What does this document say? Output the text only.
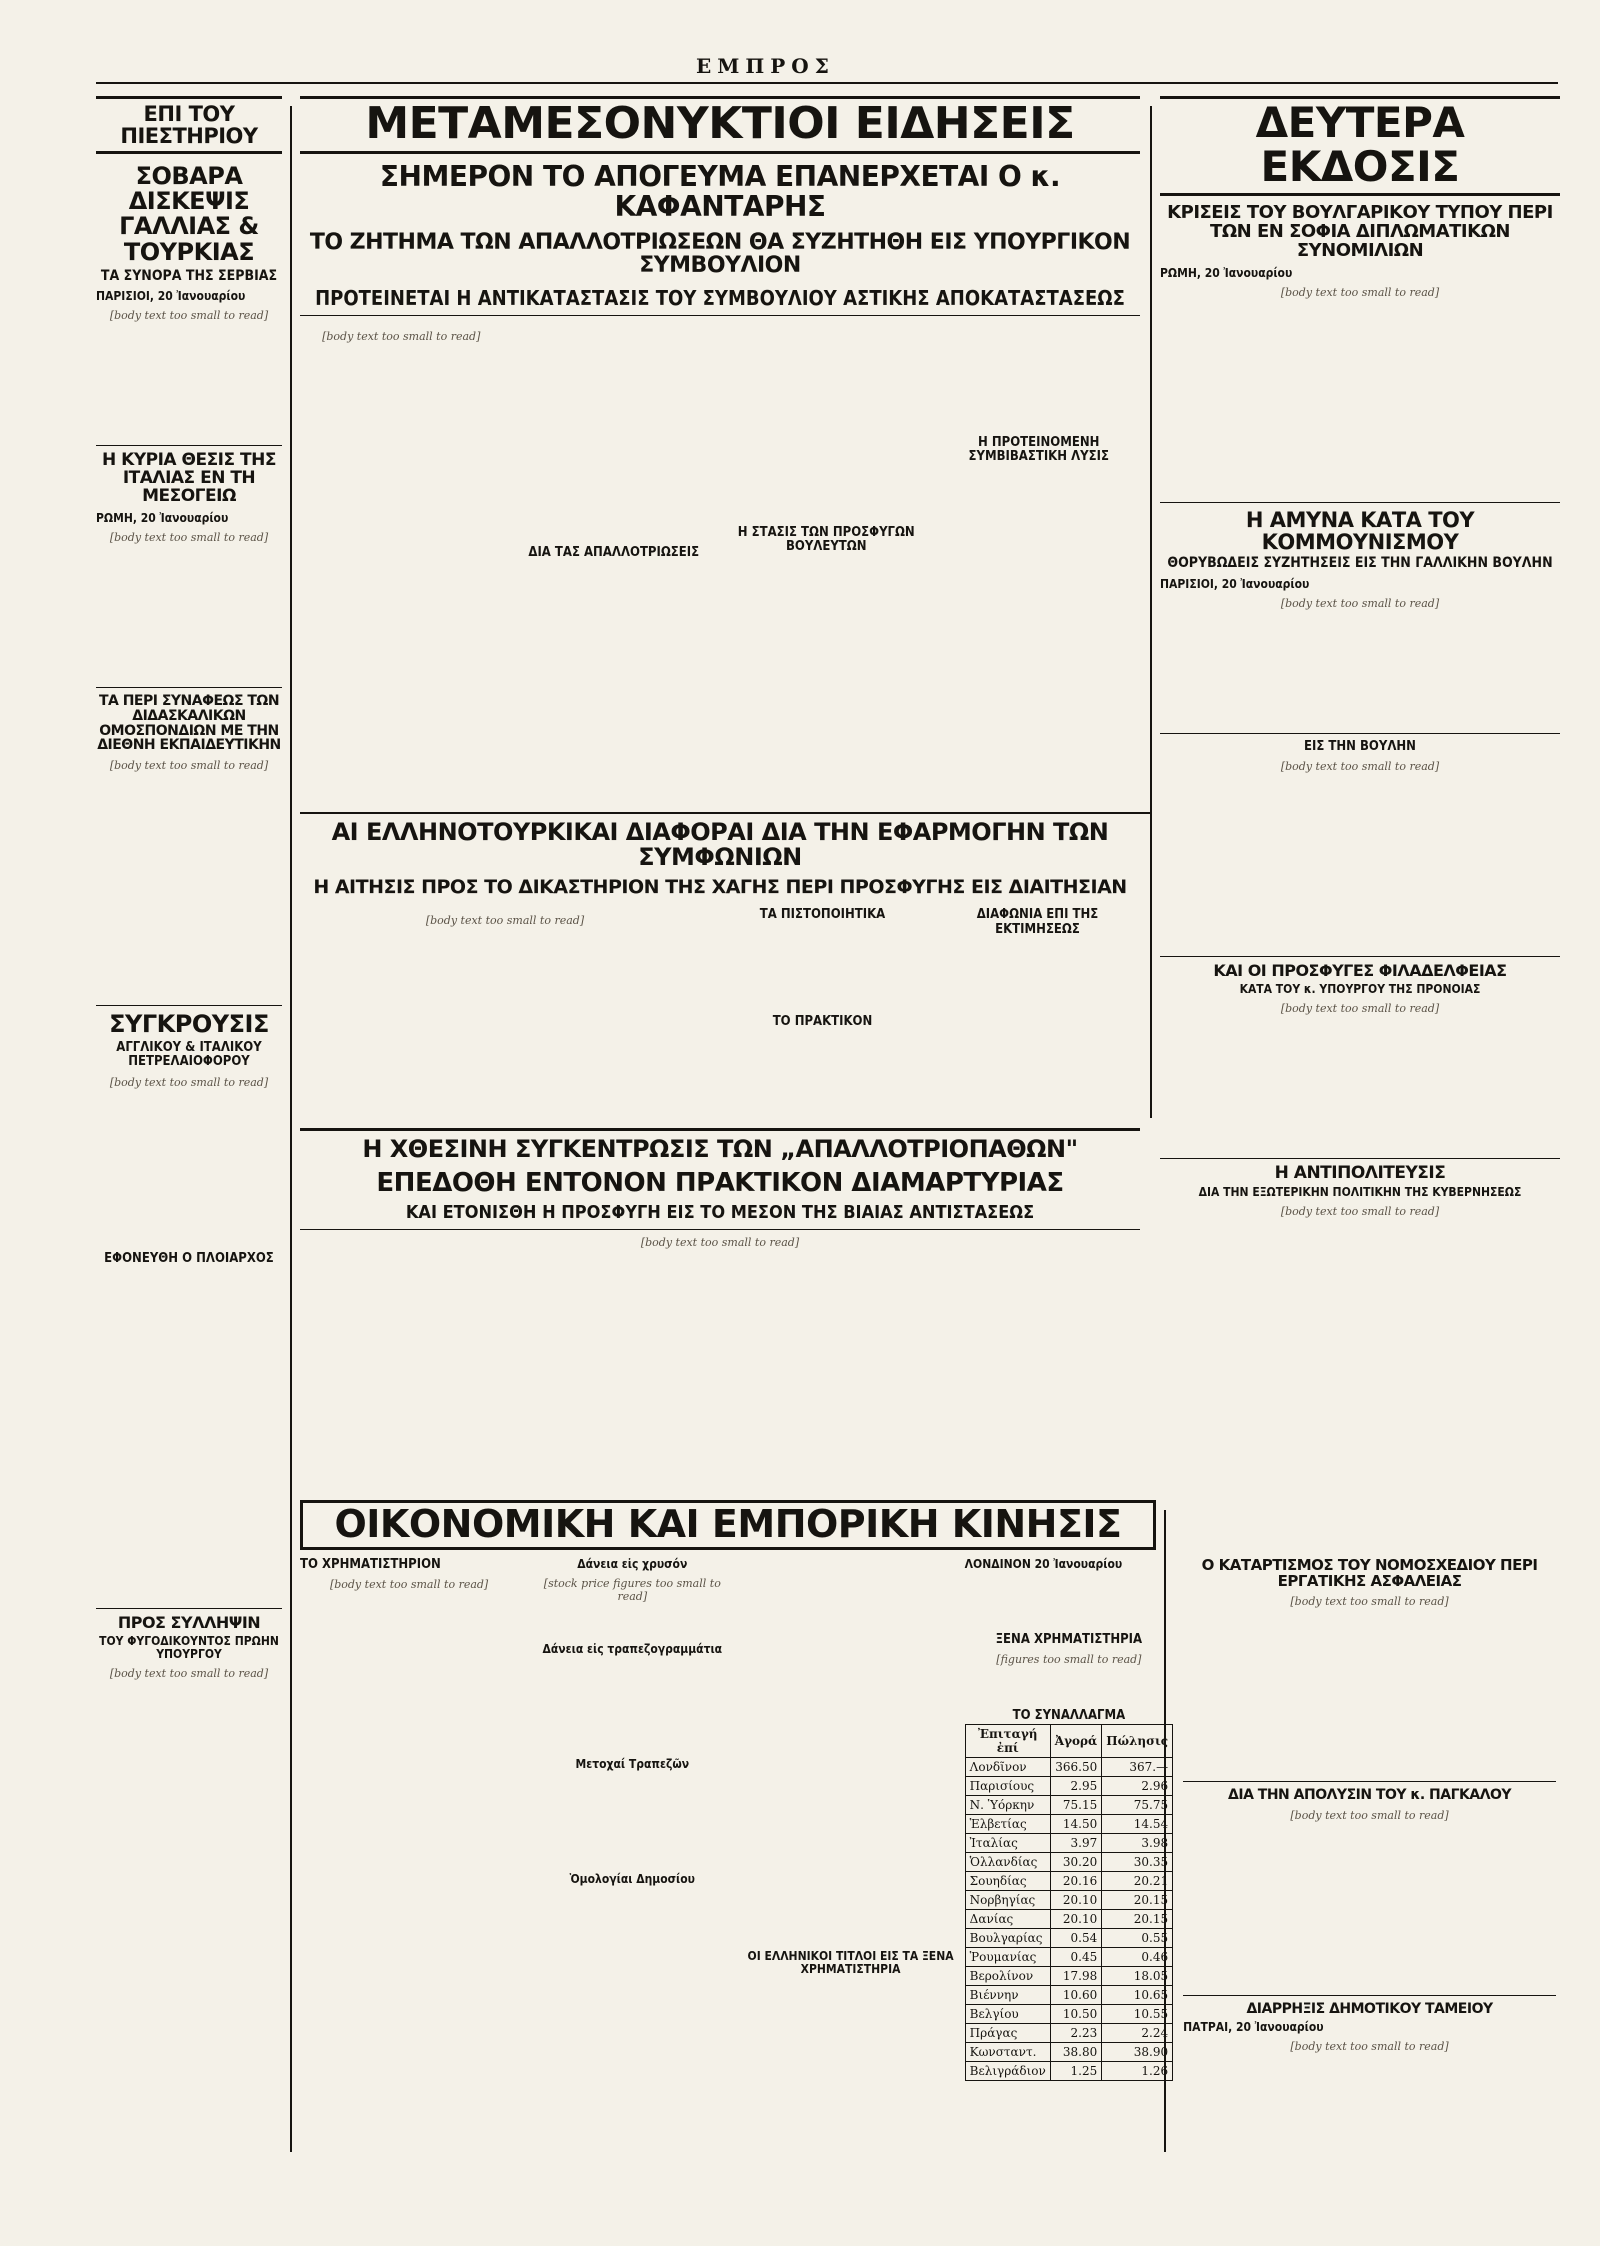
ΕΜΠΡΟΣ
ΕΠΙ ΤΟΥ ΠΙΕΣΤΗΡΙΟΥ
ΣΟΒΑΡΑ ΔΙΣΚΕΨΙΣ ΓΑΛΛΙΑΣ & ΤΟΥΡΚΙΑΣ
ΤΑ ΣΥΝΟΡΑ ΤΗΣ ΣΕΡΒΙΑΣ
ΠΑΡΙΣΙΟΙ, 20 Ἰανουαρίου
[body text too small to read]
Η ΚΥΡΙΑ ΘΕΣΙΣ ΤΗΣ ΙΤΑΛΙΑΣ ΕΝ ΤΗ ΜΕΣΟΓΕΙΩ
ΡΩΜΗ, 20 Ἰανουαρίου
[body text too small to read]
ΤΑ ΠΕΡΙ ΣΥΝΑΦΕΩΣ ΤΩΝ ΔΙΔΑΣΚΑΛΙΚΩΝ ΟΜΟΣΠΟΝΔΙΩΝ ΜΕ ΤΗΝ ΔΙΕΘΝΗ ΕΚΠΑΙΔΕΥΤΙΚΗΝ
[body text too small to read]
ΣΥΓΚΡΟΥΣΙΣ
ΑΓΓΛΙΚΟΥ & ΙΤΑΛΙΚΟΥ ΠΕΤΡΕΛΑΙΟΦΟΡΟΥ
[body text too small to read]
ΕΦΟΝΕΥΘΗ Ο ΠΛΟΙΑΡΧΟΣ
ΠΡΟΣ ΣΥΛΛΗΨΙΝ
ΤΟΥ ΦΥΓΟΔΙΚΟΥΝΤΟΣ ΠΡΩΗΝ ΥΠΟΥΡΓΟΥ
[body text too small to read]
ΜΕΤΑΜΕΣΟΝΥΚΤΙΟΙ ΕΙΔΗΣΕΙΣ
ΣΗΜΕΡΟΝ ΤΟ ΑΠΟΓΕΥΜΑ ΕΠΑΝΕΡΧΕΤΑΙ Ο κ. ΚΑΦΑΝΤΑΡΗΣ
ΤΟ ΖΗΤΗΜΑ ΤΩΝ ΑΠΑΛΛΟΤΡΙΩΣΕΩΝ ΘΑ ΣΥΖΗΤΗΘΗ ΕΙΣ ΥΠΟΥΡΓΙΚΟΝ ΣΥΜΒΟΥΛΙΟΝ
ΠΡΟΤΕΙΝΕΤΑΙ Η ΑΝΤΙΚΑΤΑΣΤΑΣΙΣ ΤΟΥ ΣΥΜΒΟΥΛΙΟΥ ΑΣΤΙΚΗΣ ΑΠΟΚΑΤΑΣΤΑΣΕΩΣ
[body text too small to read]
ΔΙΑ ΤΑΣ ΑΠΑΛΛΟΤΡΙΩΣΕΙΣ
Η ΣΤΑΣΙΣ ΤΩΝ ΠΡΟΣΦΥΓΩΝ ΒΟΥΛΕΥΤΩΝ
Η ΠΡΟΤΕΙΝΟΜΕΝΗ ΣΥΜΒΙΒΑΣΤΙΚΗ ΛΥΣΙΣ
ΔΕΥΤΕΡΑ ΕΚΔΟΣΙΣ
ΚΡΙΣΕΙΣ ΤΟΥ ΒΟΥΛΓΑΡΙΚΟΥ ΤΥΠΟΥ ΠΕΡΙ ΤΩΝ ΕΝ ΣΟΦΙΑ ΔΙΠΛΩΜΑΤΙΚΩΝ ΣΥΝΟΜΙΛΙΩΝ
ΡΩΜΗ, 20 Ἰανουαρίου
[body text too small to read]
Η ΑΜΥΝΑ ΚΑΤΑ ΤΟΥ ΚΟΜΜΟΥΝΙΣΜΟΥ
ΘΟΡΥΒΩΔΕΙΣ ΣΥΖΗΤΗΣΕΙΣ ΕΙΣ ΤΗΝ ΓΑΛΛΙΚΗΝ ΒΟΥΛΗΝ
ΠΑΡΙΣΙΟΙ, 20 Ἰανουαρίου
[body text too small to read]
ΕΙΣ ΤΗΝ ΒΟΥΛΗΝ
[body text too small to read]
ΚΑΙ ΟΙ ΠΡΟΣΦΥΓΕΣ ΦΙΛΑΔΕΛΦΕΙΑΣ
ΚΑΤΑ ΤΟΥ κ. ΥΠΟΥΡΓΟΥ ΤΗΣ ΠΡΟΝΟΙΑΣ
[body text too small to read]
Η ΑΝΤΙΠΟΛΙΤΕΥΣΙΣ
ΔΙΑ ΤΗΝ ΕΞΩΤΕΡΙΚΗΝ ΠΟΛΙΤΙΚΗΝ ΤΗΣ ΚΥΒΕΡΝΗΣΕΩΣ
[body text too small to read]
ΑΙ ΕΛΛΗΝΟΤΟΥΡΚΙΚΑΙ ΔΙΑΦΟΡΑΙ ΔΙΑ ΤΗΝ ΕΦΑΡΜΟΓΗΝ ΤΩΝ ΣΥΜΦΩΝΙΩΝ
Η ΑΙΤΗΣΙΣ ΠΡΟΣ ΤΟ ΔΙΚΑΣΤΗΡΙΟΝ ΤΗΣ ΧΑΓΗΣ ΠΕΡΙ ΠΡΟΣΦΥΓΗΣ ΕΙΣ ΔΙΑΙΤΗΣΙΑΝ
[body text too small to read]	ΤΑ ΠΙΣΤΟΠΟΙΗΤΙΚΑ
ΤΟ ΠΡΑΚΤΙΚΟΝ
ΔΙΑΦΩΝΙΑ ΕΠΙ ΤΗΣ ΕΚΤΙΜΗΣΕΩΣ
Η ΧΘΕΣΙΝΗ ΣΥΓΚΕΝΤΡΩΣΙΣ ΤΩΝ „ΑΠΑΛΛΟΤΡΙΟΠΑΘΩΝ"
ΕΠΕΔΟΘΗ ΕΝΤΟΝΟΝ ΠΡΑΚΤΙΚΟΝ ΔΙΑΜΑΡΤΥΡΙΑΣ
ΚΑΙ ΕΤΟΝΙΣΘΗ Η ΠΡΟΣΦΥΓΗ ΕΙΣ ΤΟ ΜΕΣΟΝ ΤΗΣ ΒΙΑΙΑΣ ΑΝΤΙΣΤΑΣΕΩΣ
[body text too small to read]
ΟΙΚΟΝΟΜΙΚΗ ΚΑΙ ΕΜΠΟΡΙΚΗ ΚΙΝΗΣΙΣ
ΤΟ ΧΡΗΜΑΤΙΣΤΗΡΙΟΝ
[body text too small to read]
Δάνεια εἰς χρυσόν
[stock price figures too small to read]
Δάνεια εἰς τραπεζογραμμάτια
Μετοχαί Τραπεζῶν
Ὁμολογίαι Δημοσίου
ΟΙ ΕΛΛΗΝΙΚΟΙ ΤΙΤΛΟΙ ΕΙΣ ΤΑ ΞΕΝΑ ΧΡΗΜΑΤΙΣΤΗΡΙΑ
ΛΟΝΔΙΝΟΝ 20 Ἰανουαρίου
ΞΕΝΑ ΧΡΗΜΑΤΙΣΤΗΡΙΑ
[figures too small to read]
ΤΟ ΣΥΝΑΛΛΑΓΜΑ
Ἐπιταγή ἐπί	Ἀγορά	Πώλησις
Λονδῖνον	366.50	367.—
Παρισίους	2.95	2.96
Ν. Ὑόρκην	75.15	75.75
Ἑλβετίας	14.50	14.54
Ἰταλίας	3.97	3.98
Ὁλλανδίας	30.20	30.35
Σουηδίας	20.16	20.21
Νορβηγίας	20.10	20.15
Δανίας	20.10	20.15
Βουλγαρίας	0.54	0.55
Ῥουμανίας	0.45	0.46
Βερολίνον	17.98	18.05
Βιέννην	10.60	10.65
Βελγίου	10.50	10.55
Πράγας	2.23	2.24
Κωνσταντ.	38.80	38.90
Βελιγράδιον	1.25	1.26
Ο ΚΑΤΑΡΤΙΣΜΟΣ ΤΟΥ ΝΟΜΟΣΧΕΔΙΟΥ ΠΕΡΙ ΕΡΓΑΤΙΚΗΣ ΑΣΦΑΛΕΙΑΣ
[body text too small to read]
ΔΙΑ ΤΗΝ ΑΠΟΛΥΣΙΝ ΤΟΥ κ. ΠΑΓΚΑΛΟΥ
[body text too small to read]
ΔΙΑΡΡΗΞΙΣ ΔΗΜΟΤΙΚΟΥ ΤΑΜΕΙΟΥ
ΠΑΤΡΑΙ, 20 Ἰανουαρίου
[body text too small to read]
